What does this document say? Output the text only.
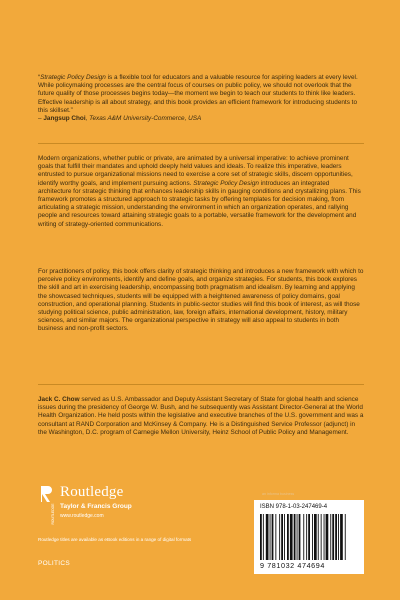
“Strategic Policy Design is a flexible tool for educators and a valuable resource for aspiring leaders at every level. While policymaking processes are the central focus of courses on public policy, we should not overlook that the future quality of those processes begins today—the moment we begin to teach our students to think like leaders. Effective leadership is all about strategy, and this book provides an efficient framework for introducing students to this skillset.”
– Jangsup Choi, Texas A&M University-Commerce, USA

Modern organizations, whether public or private, are animated by a universal imperative: to achieve prominent goals that fulfill their mandates and uphold deeply held values and ideals. To realize this imperative, leaders entrusted to pursue organizational missions need to exercise a core set of strategic skills, discern opportunities, identify worthy goals, and implement pursuing actions. Strategic Policy Design introduces an integrated architecture for strategic thinking that enhances leadership skills in gauging conditions and crystallizing plans. This framework promotes a structured approach to strategic tasks by offering templates for decision making, from articulating a strategic mission, understanding the environment in which an organization operates, and rallying people and resources toward attaining strategic goals to a portable, versatile framework for the development and writing of strategy-oriented communications.

For practitioners of policy, this book offers clarity of strategic thinking and introduces a new framework with which to perceive policy environments, identify and define goals, and organize strategies. For students, this book explores the skill and art in exercising leadership, encompassing both pragmatism and idealism. By learning and applying the showcased techniques, students will be equipped with a heightened awareness of policy domains, goal construction, and operational planning. Students in public-sector studies will find this book of interest, as will those studying political science, public administration, law, foreign affairs, international development, history, military sciences, and similar majors. The organizational perspective in strategy will also appeal to students in both business and non-profit sectors.

Jack C. Chow served as U.S. Ambassador and Deputy Assistant Secretary of State for global health and science issues during the presidency of George W. Bush, and he subsequently was Assistant Director-General at the World Health Organization. He held posts within the legislative and executive branches of the U.S. government and was a consultant at RAND Corporation and McKinsey & Company. He is a Distinguished Service Professor (adjunct) in the Washington, D.C. program of Carnegie Mellon University, Heinz School of Public Policy and Management.

ROUTLEDGE
Routledge
Taylor & Francis Group
www.routledge.com
Routledge titles are available as eBook editions in a range of digital formats
POLITICS
an informa business
ISBN 978-1-03-247469-4
9 781032 474694
